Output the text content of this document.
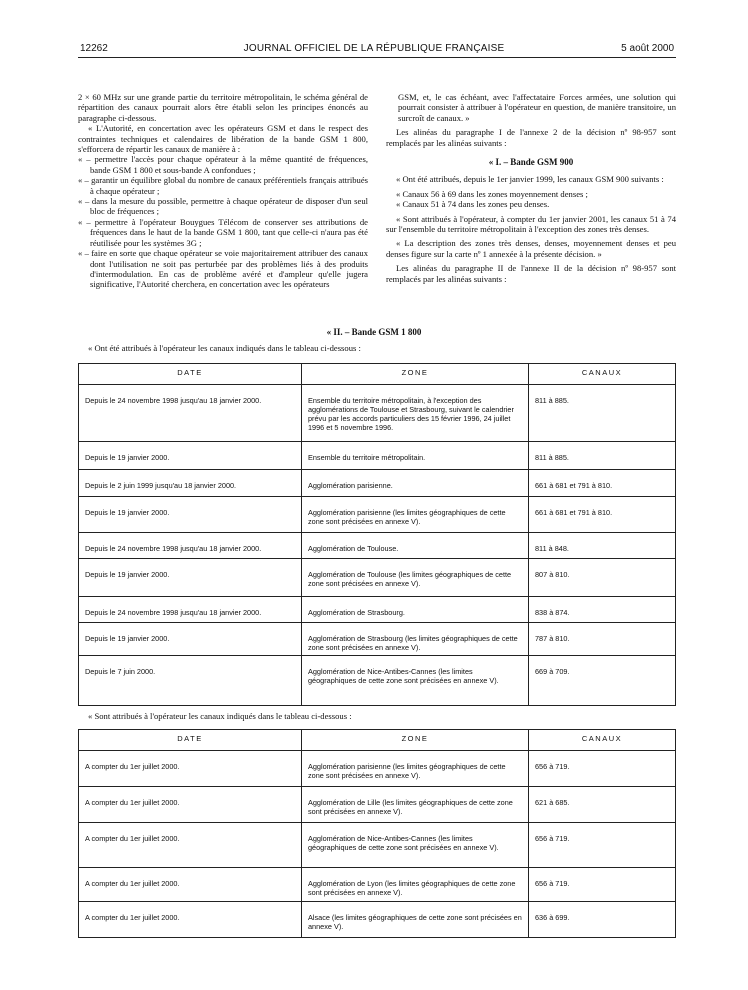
12262	JOURNAL OFFICIEL DE LA RÉPUBLIQUE FRANÇAISE	5 août 2000

2 × 60 MHz sur une grande partie du territoire métropolitain, le schéma général de répartition des canaux pourrait alors être établi selon les principes énoncés au paragraphe ci-dessous.

« L'Autorité, en concertation avec les opérateurs GSM et dans le respect des contraintes techniques et calendaires de libération de la bande GSM 1 800, s'efforcera de répartir les canaux de manière à :

« – permettre l'accès pour chaque opérateur à la même quantité de fréquences, bande GSM 1 800 et sous-bande A confondues ;

« – garantir un équilibre global du nombre de canaux préférentiels français attribués à chaque opérateur ;

« – dans la mesure du possible, permettre à chaque opérateur de disposer d'un seul bloc de fréquences ;

« – permettre à l'opérateur Bouygues Télécom de conserver ses attributions de fréquences dans le haut de la bande GSM 1 800, tant que celle-ci n'aura pas été réutilisée pour les systèmes 3G ;

« – faire en sorte que chaque opérateur se voie majoritairement attribuer des canaux dont l'utilisation ne soit pas perturbée par des problèmes liés à des produits d'intermodulation. En cas de problème avéré et d'ampleur qu'elle jugera significative, l'Autorité cherchera, en concertation avec les opérateurs

GSM, et, le cas échéant, avec l'affectataire Forces armées, une solution qui pourrait consister à attribuer à l'opérateur en question, de manière transitoire, un surcroît de canaux. »

Les alinéas du paragraphe I de l'annexe 2 de la décision nº 98-957 sont remplacés par les alinéas suivants :

« I. – Bande GSM 900

« Ont été attribués, depuis le 1er janvier 1999, les canaux GSM 900 suivants :

« Canaux 56 à 69 dans les zones moyennement denses ;

« Canaux 51 à 74 dans les zones peu denses.

« Sont attribués à l'opérateur, à compter du 1er janvier 2001, les canaux 51 à 74 sur l'ensemble du territoire métropolitain à l'exception des zones très denses.

« La description des zones très denses, denses, moyennement denses et peu denses figure sur la carte nº 1 annexée à la présente décision. »

Les alinéas du paragraphe II de l'annexe II de la décision nº 98-957 sont remplacés par les alinéas suivants :

« II. – Bande GSM 1 800
« Ont été attribués à l'opérateur les canaux indiqués dans le tableau ci-dessous :
DATE	ZONE	CANAUX
Depuis le 24 novembre 1998 jusqu'au 18 janvier 2000.	Ensemble du territoire métropolitain, à l'exception des agglomérations de Toulouse et Strasbourg, suivant le calendrier prévu par les accords particuliers des 15 février 1996, 24 juillet 1996 et 5 novembre 1996.	811 à 885.
Depuis le 19 janvier 2000.	Ensemble du territoire métropolitain.	811 à 885.
Depuis le 2 juin 1999 jusqu'au 18 janvier 2000.	Agglomération parisienne.	661 à 681 et 791 à 810.
Depuis le 19 janvier 2000.	Agglomération parisienne (les limites géographiques de cette zone sont précisées en annexe V).	661 à 681 et 791 à 810.
Depuis le 24 novembre 1998 jusqu'au 18 janvier 2000.	Agglomération de Toulouse.	811 à 848.
Depuis le 19 janvier 2000.	Agglomération de Toulouse (les limites géographiques de cette zone sont précisées en annexe V).	807 à 810.
Depuis le 24 novembre 1998 jusqu'au 18 janvier 2000.	Agglomération de Strasbourg.	838 à 874.
Depuis le 19 janvier 2000.	Agglomération de Strasbourg (les limites géographiques de cette zone sont précisées en annexe V).	787 à 810.
Depuis le 7 juin 2000.	Agglomération de Nice-Antibes-Cannes (les limites géographiques de cette zone sont précisées en annexe V).	669 à 709.
« Sont attribués à l'opérateur les canaux indiqués dans le tableau ci-dessous :
DATE	ZONE	CANAUX
A compter du 1er juillet 2000.	Agglomération parisienne (les limites géographiques de cette zone sont précisées en annexe V).	656 à 719.
A compter du 1er juillet 2000.	Agglomération de Lille (les limites géographiques de cette zone sont précisées en annexe V).	621 à 685.
A compter du 1er juillet 2000.	Agglomération de Nice-Antibes-Cannes (les limites géographiques de cette zone sont précisées en annexe V).	656 à 719.
A compter du 1er juillet 2000.	Agglomération de Lyon (les limites géographiques de cette zone sont précisées en annexe V).	656 à 719.
A compter du 1er juillet 2000.	Alsace (les limites géographiques de cette zone sont précisées en annexe V).	636 à 699.
